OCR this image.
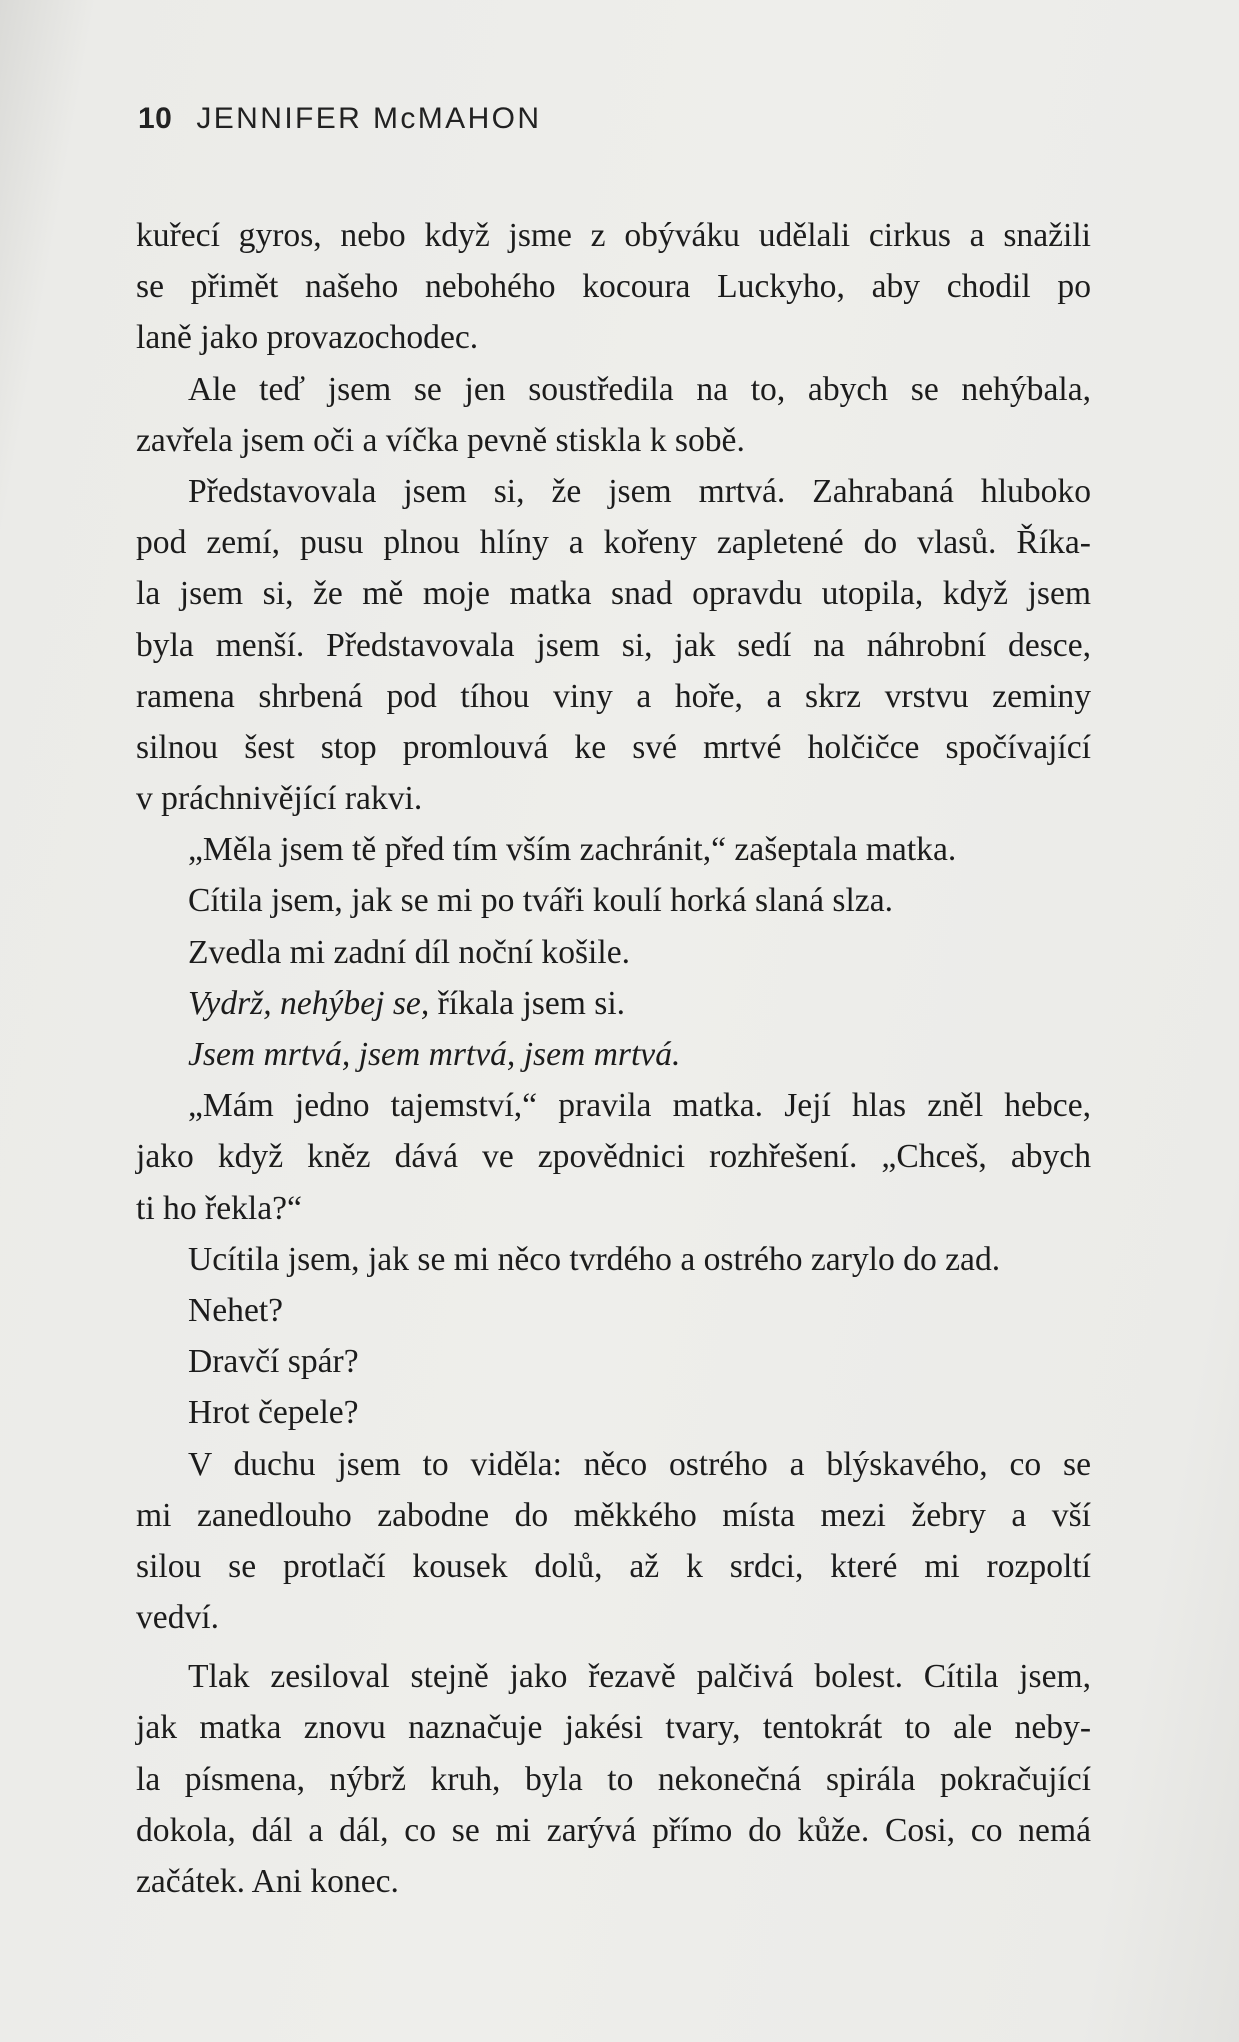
10 JENNIFER McMAHON
kuřecí gyros, nebo když jsme z obýváku udělali cirkus a snažili
se přimět našeho nebohého kocoura Luckyho, aby chodil po
laně jako provazochodec.
Ale teď jsem se jen soustředila na to, abych se nehýbala,
zavřela jsem oči a víčka pevně stiskla k sobě.
Představovala jsem si, že jsem mrtvá. Zahrabaná hluboko
pod zemí, pusu plnou hlíny a kořeny zapletené do vlasů. Říka-
la jsem si, že mě moje matka snad opravdu utopila, když jsem
byla menší. Představovala jsem si, jak sedí na náhrobní desce,
ramena shrbená pod tíhou viny a hoře, a skrz vrstvu zeminy
silnou šest stop promlouvá ke své mrtvé holčičce spočívající
v práchnivějící rakvi.
„Měla jsem tě před tím vším zachránit,“ zašeptala matka.
Cítila jsem, jak se mi po tváři koulí horká slaná slza.
Zvedla mi zadní díl noční košile.
Vydrž, nehýbej se, říkala jsem si.
Jsem mrtvá, jsem mrtvá, jsem mrtvá.
„Mám jedno tajemství,“ pravila matka. Její hlas zněl hebce,
jako když kněz dává ve zpovědnici rozhřešení. „Chceš, abych
ti ho řekla?“
Ucítila jsem, jak se mi něco tvrdého a ostrého zarylo do zad.
Nehet?
Dravčí spár?
Hrot čepele?
V duchu jsem to viděla: něco ostrého a blýskavého, co se
mi zanedlouho zabodne do měkkého místa mezi žebry a vší
silou se protlačí kousek dolů, až k srdci, které mi rozpoltí
vedví.
Tlak zesiloval stejně jako řezavě palčivá bolest. Cítila jsem,
jak matka znovu naznačuje jakési tvary, tentokrát to ale neby-
la písmena, nýbrž kruh, byla to nekonečná spirála pokračující
dokola, dál a dál, co se mi zarývá přímo do kůže. Cosi, co nemá
začátek. Ani konec.
